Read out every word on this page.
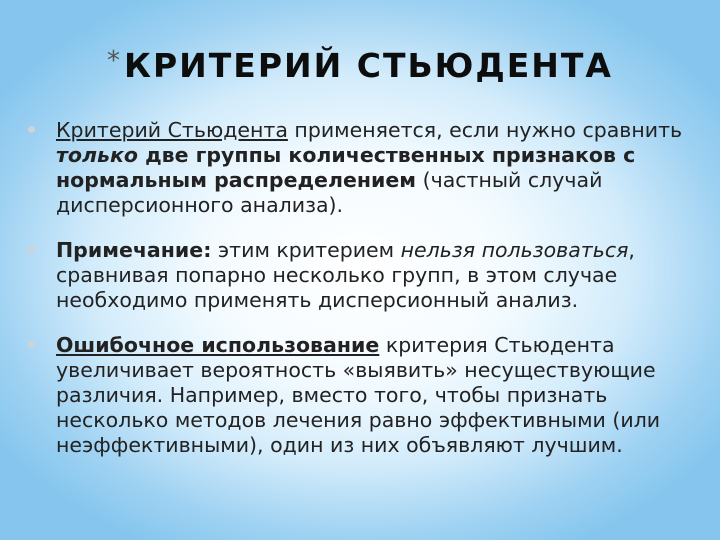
* КРИТЕРИЙ СТЬЮДЕНТА
Критерий Стьюдента применяется, если нужно сравнить только две группы количественных признаков с нормальным распределением (частный случай дисперсионного анализа).
Примечание: этим критерием нельзя пользоваться, сравнивая попарно несколько групп, в этом случае необходимо применять дисперсионный анализ.
Ошибочное использование критерия Стьюдента увеличивает вероятность «выявить» несуществующие различия. Например, вместо того, чтобы признать несколько методов лечения равно эффективными (или неэффективными), один из них объявляют лучшим.
